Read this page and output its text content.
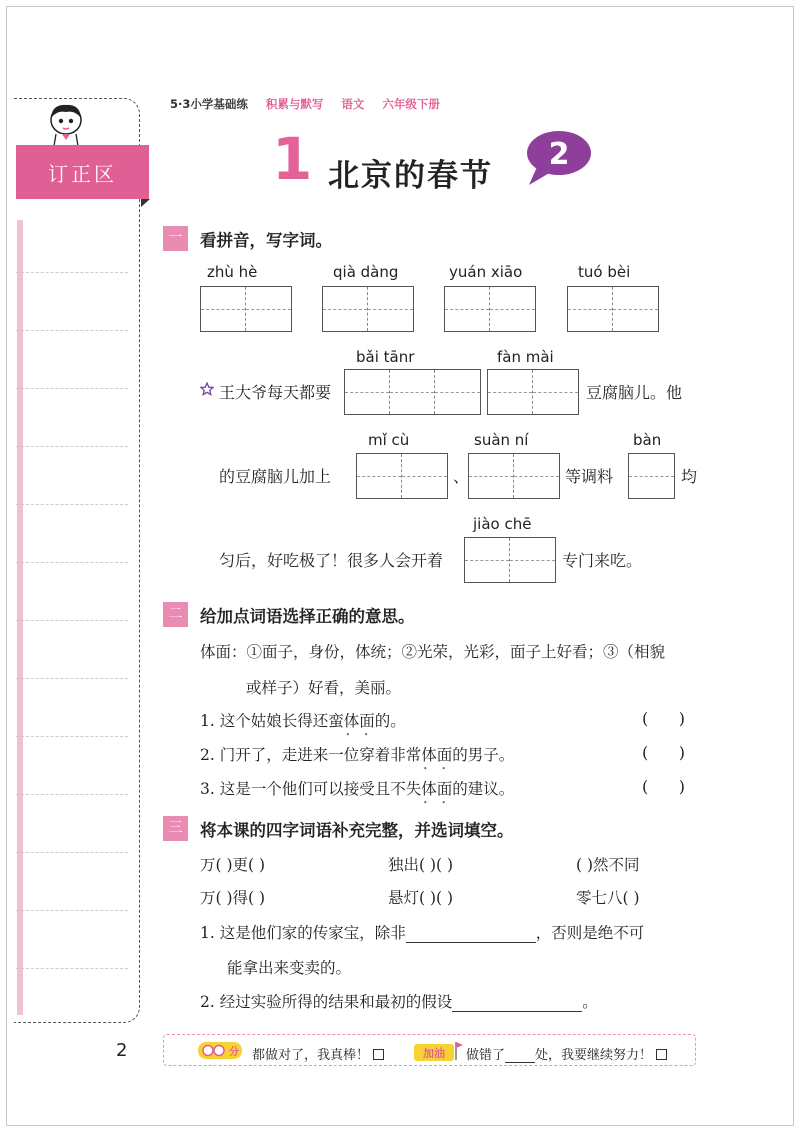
订正区
5·3小学基础练 积累与默写 语文 六年级下册
1 北京的春节
2
一	看拼音，写字词。
zhù hè	qià dàng	yuán xiāo	tuó bèi
bǎi tānr	fàn mài
王大爷每天都要	豆腐脑儿。他
mǐ cù	suàn ní	bàn
的豆腐脑儿加上	、	等调料	均
jiào chē
匀后，好吃极了！很多人会开着	专门来吃。
二	给加点词语选择正确的意思。
体面：①面子，身份，体统；②光荣，光彩，面子上好看；③（相貌
或样子）好看，美丽。
1. 这个姑娘长得还蛮体面 • •的。	(      )
2. 门开了，走进来一位穿着非常体面 • •的男子。	(      )
3. 这是一个他们可以接受且不失体面 • •的建议。	(      )
三	将本课的四字词语补充完整，并选词填空。
万( )更( )	独出( )( )	( )然不同
万( )得( )	悬灯( )( )	零七八( )
1. 这是他们家的传家宝，除非	，否则是绝不可
能拿出来变卖的。
2. 经过实验所得的结果和最初的假设	。
2	分 都做对了，我真棒！	加油 做错了 处，我要继续努力！
